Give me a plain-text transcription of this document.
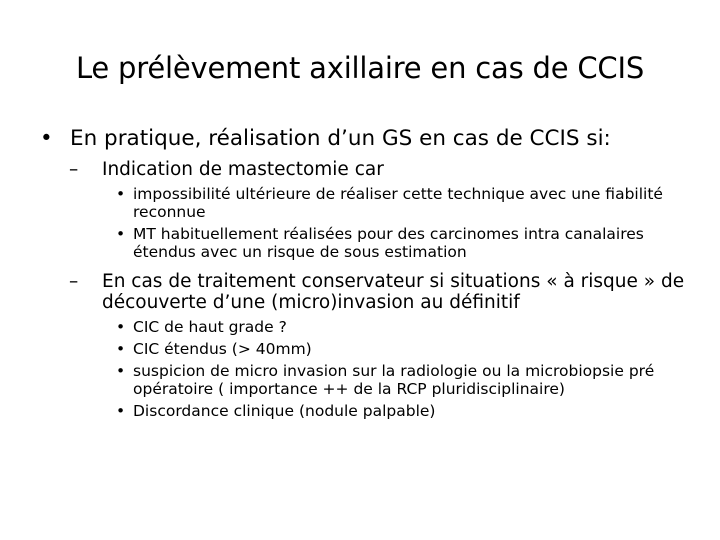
Le prélèvement axillaire en cas de CCIS
• En pratique, réalisation d’un GS en cas de CCIS si:
– Indication de mastectomie car
• impossibilité ultérieure de réaliser cette technique avec une fiabilité reconnue
• MT habituellement réalisées pour des carcinomes intra canalaires étendus avec un risque de sous estimation
– En cas de traitement conservateur si situations « à risque » de découverte d’une (micro)invasion au définitif
• CIC de haut grade ?
• CIC étendus (> 40mm)
• suspicion de micro invasion sur la radiologie ou la microbiopsie pré opératoire ( importance ++ de la RCP pluridisciplinaire)
• Discordance clinique (nodule palpable)
